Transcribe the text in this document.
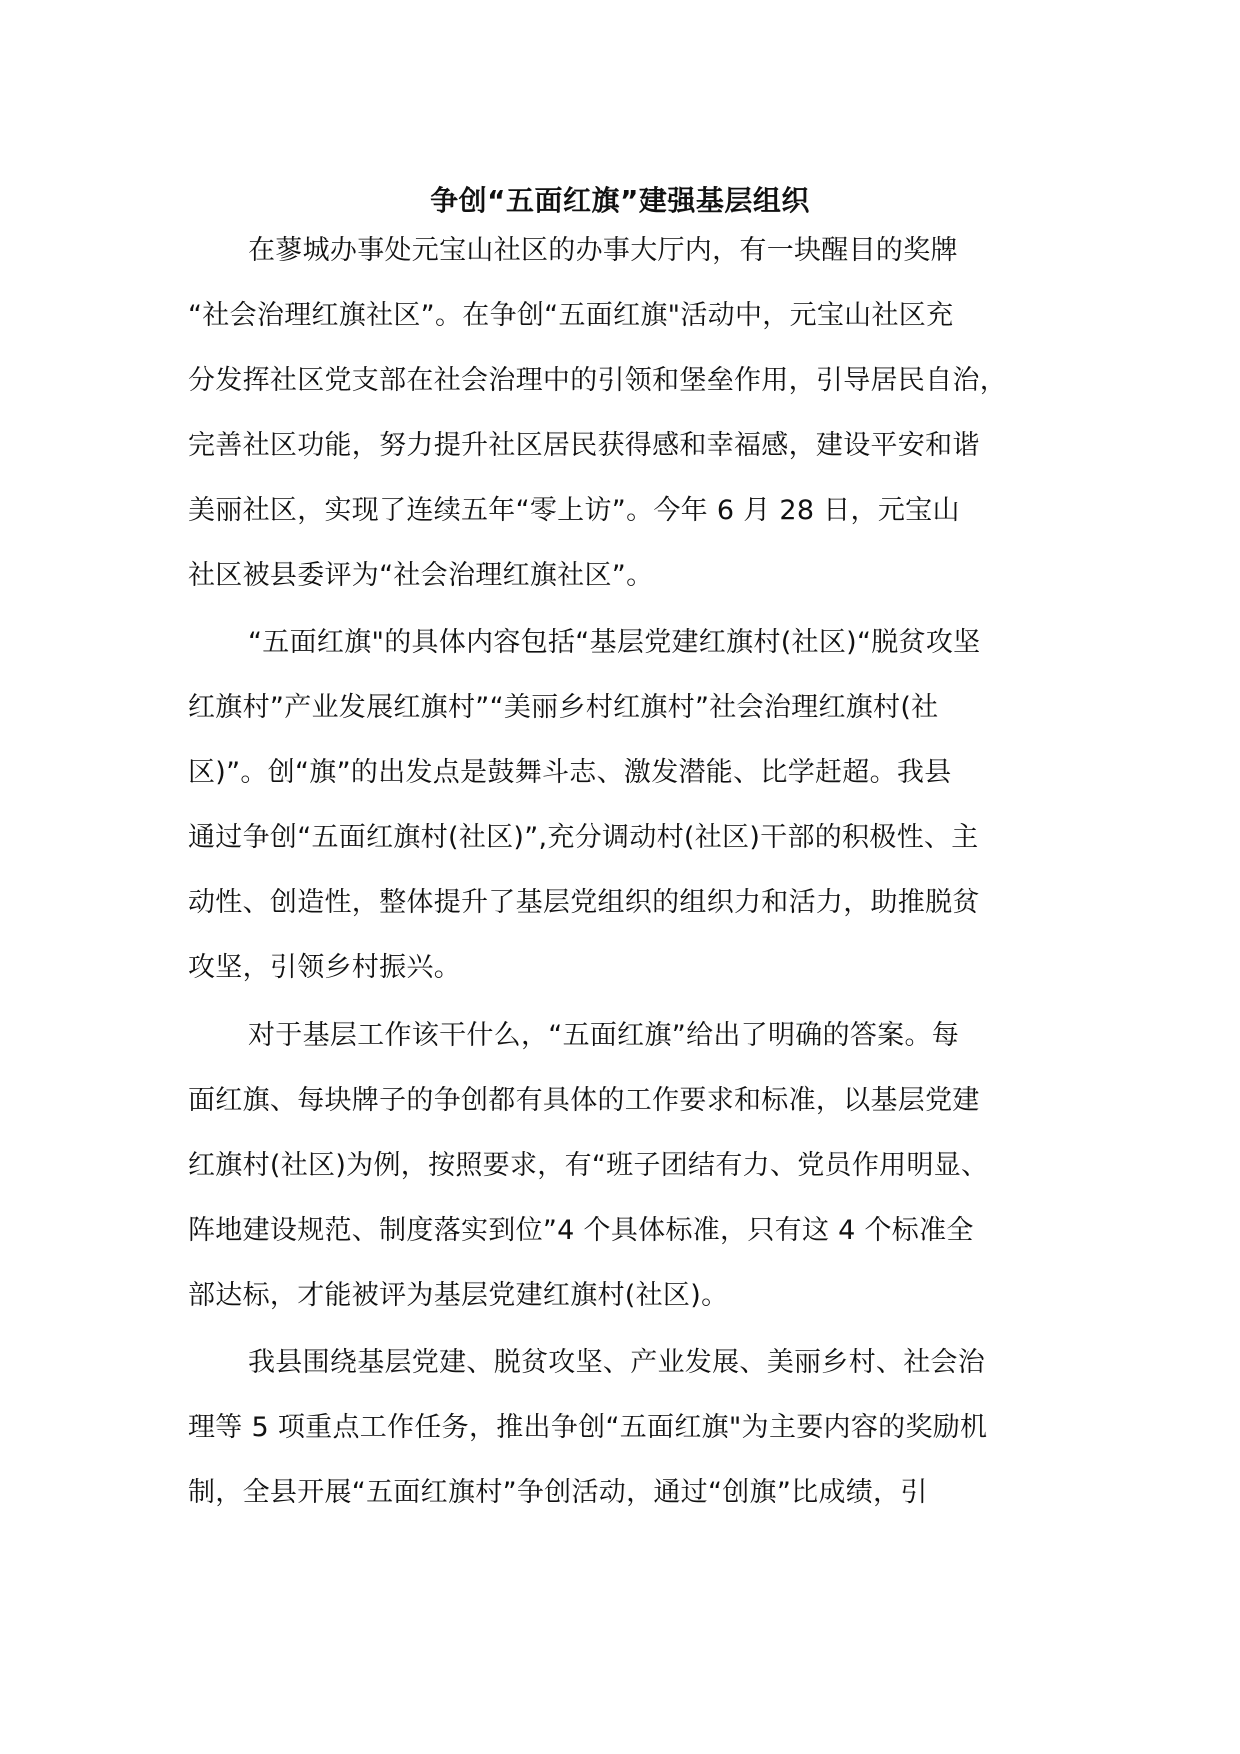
争创“五面红旗”建强基层组织
在蓼城办事处元宝山社区的办事大厅内，有一块醒目的奖牌
“社会治理红旗社区”。在争创“五面红旗"活动中，元宝山社区充
分发挥社区党支部在社会治理中的引领和堡垒作用，引导居民自治，
完善社区功能，努力提升社区居民获得感和幸福感，建设平安和谐
美丽社区，实现了连续五年“零上访”。今年 6 月 28 日，元宝山
社区被县委评为“社会治理红旗社区”。
“五面红旗"的具体内容包括“基层党建红旗村(社区)“脱贫攻坚
红旗村”产业发展红旗村”“美丽乡村红旗村”社会治理红旗村(社
区)”。创“旗”的出发点是鼓舞斗志、激发潜能、比学赶超。我县
通过争创“五面红旗村(社区)”,充分调动村(社区)干部的积极性、主
动性、创造性，整体提升了基层党组织的组织力和活力，助推脱贫
攻坚，引领乡村振兴。
对于基层工作该干什么，“五面红旗”给出了明确的答案。每
面红旗、每块牌子的争创都有具体的工作要求和标准，以基层党建
红旗村(社区)为例，按照要求，有“班子团结有力、党员作用明显、
阵地建设规范、制度落实到位”4 个具体标准，只有这 4 个标准全
部达标，才能被评为基层党建红旗村(社区)。
我县围绕基层党建、脱贫攻坚、产业发展、美丽乡村、社会治
理等 5 项重点工作任务，推出争创“五面红旗"为主要内容的奖励机
制，全县开展“五面红旗村”争创活动，通过“创旗”比成绩，引
